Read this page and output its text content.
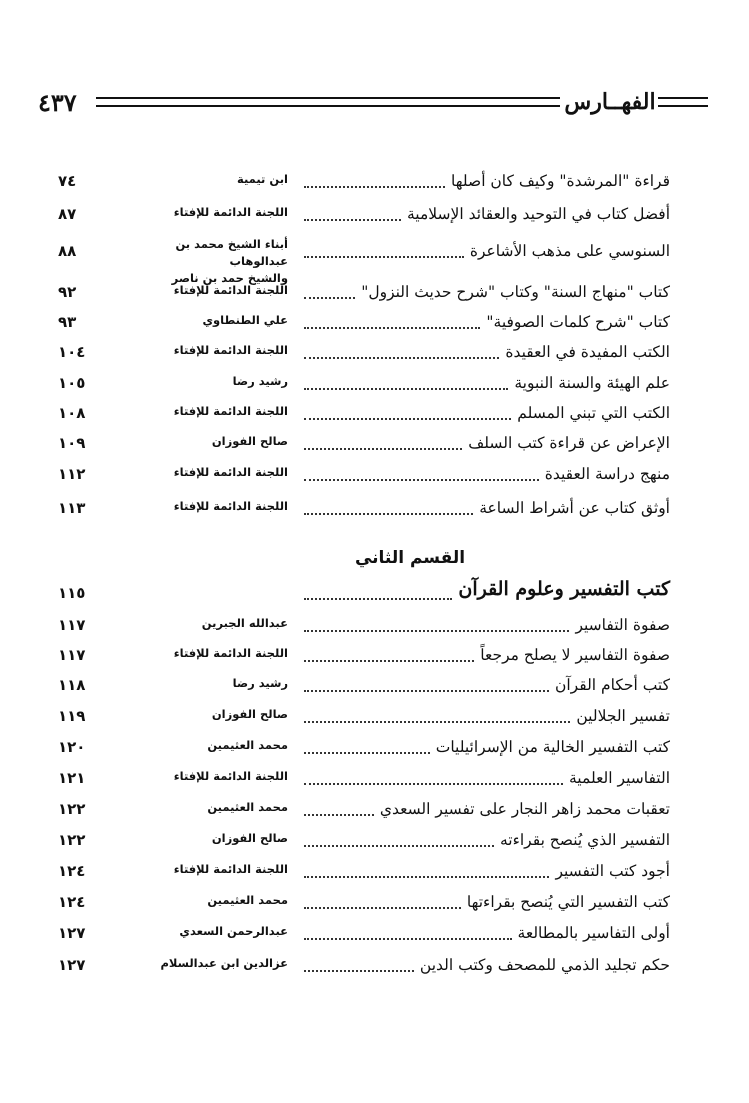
٤٣٧	الفهــارس
القسم الثاني
قراءة "المرشدة" وكيف كان أصلها
ابن تيمية
٧٤
أفضل كتاب في التوحيد والعقائد الإسلامية
اللجنة الدائمة للإفتاء
٨٧
السنوسي على مذهب الأشاعرة
أبناء الشيخ محمد بن عبدالوهاب
والشيخ حمد بن ناصر
٨٨
كتاب "منهاج السنة" وكتاب "شرح حديث النزول"
اللجنة الدائمة للإفتاء
٩٢
كتاب "شرح كلمات الصوفية"
علي الطنطاوي
٩٣
الكتب المفيدة في العقيدة
اللجنة الدائمة للإفتاء
١٠٤
علم الهيئة والسنة النبوية
رشيد رضا
١٠٥
الكتب التي تبني المسلم
اللجنة الدائمة للإفتاء
١٠٨
الإعراض عن قراءة كتب السلف
صالح الفوزان
١٠٩
منهج دراسة العقيدة
اللجنة الدائمة للإفتاء
١١٢
أوثق كتاب عن أشراط الساعة
اللجنة الدائمة للإفتاء
١١٣
كتب التفسير وعلوم القرآن
١١٥
صفوة التفاسير
عبدالله الجبرين
١١٧
صفوة التفاسير لا يصلح مرجعاً
اللجنة الدائمة للإفتاء
١١٧
كتب أحكام القرآن
رشيد رضا
١١٨
تفسير الجلالين
صالح الفوزان
١١٩
كتب التفسير الخالية من الإسرائيليات
محمد العثيمين
١٢٠
التفاسير العلمية
اللجنة الدائمة للإفتاء
١٢١
تعقبات محمد زاهر النجار على تفسير السعدي
محمد العثيمين
١٢٢
التفسير الذي يُنصح بقراءته
صالح الفوزان
١٢٢
أجود كتب التفسير
اللجنة الدائمة للإفتاء
١٢٤
كتب التفسير التي يُنصح بقراءتها
محمد العثيمين
١٢٤
أولى التفاسير بالمطالعة
عبدالرحمن السعدي
١٢٧
حكم تجليد الذمي للمصحف وكتب الدين
عزالدين ابن عبدالسلام
١٢٧
